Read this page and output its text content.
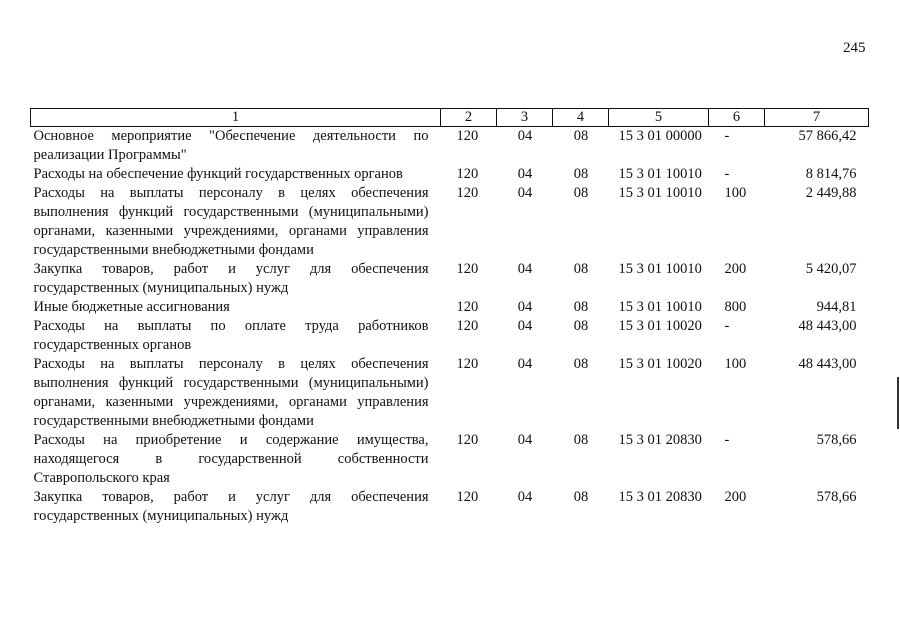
245
1	2	3	4	5	6	7
Основное мероприятие "Обеспечение деятельности по реализации Программы"	120	04	08	15 3 01 00000	-	57 866,42
Расходы на обеспечение функций государственных органов	120	04	08	15 3 01 10010	-	8 814,76
Расходы на выплаты персоналу в целях обеспечения выполнения функций государственными (муниципальными) органами, казенными учреждениями, органами управления государственными внебюджетными фондами	120	04	08	15 3 01 10010	100	2 449,88
Закупка товаров, работ и услуг для обеспечения государственных (муниципальных) нужд	120	04	08	15 3 01 10010	200	5 420,07
Иные бюджетные ассигнования	120	04	08	15 3 01 10010	800	944,81
Расходы на выплаты по оплате труда работников государственных органов	120	04	08	15 3 01 10020	-	48 443,00
Расходы на выплаты персоналу в целях обеспечения выполнения функций государственными (муниципальными) органами, казенными учреждениями, органами управления государственными внебюджетными фондами	120	04	08	15 3 01 10020	100	48 443,00
Расходы на приобретение и содержание имущества, находящегося в государственной собственности Ставропольского края	120	04	08	15 3 01 20830	-	578,66
Закупка товаров, работ и услуг для обеспечения государственных (муниципальных) нужд	120	04	08	15 3 01 20830	200	578,66
